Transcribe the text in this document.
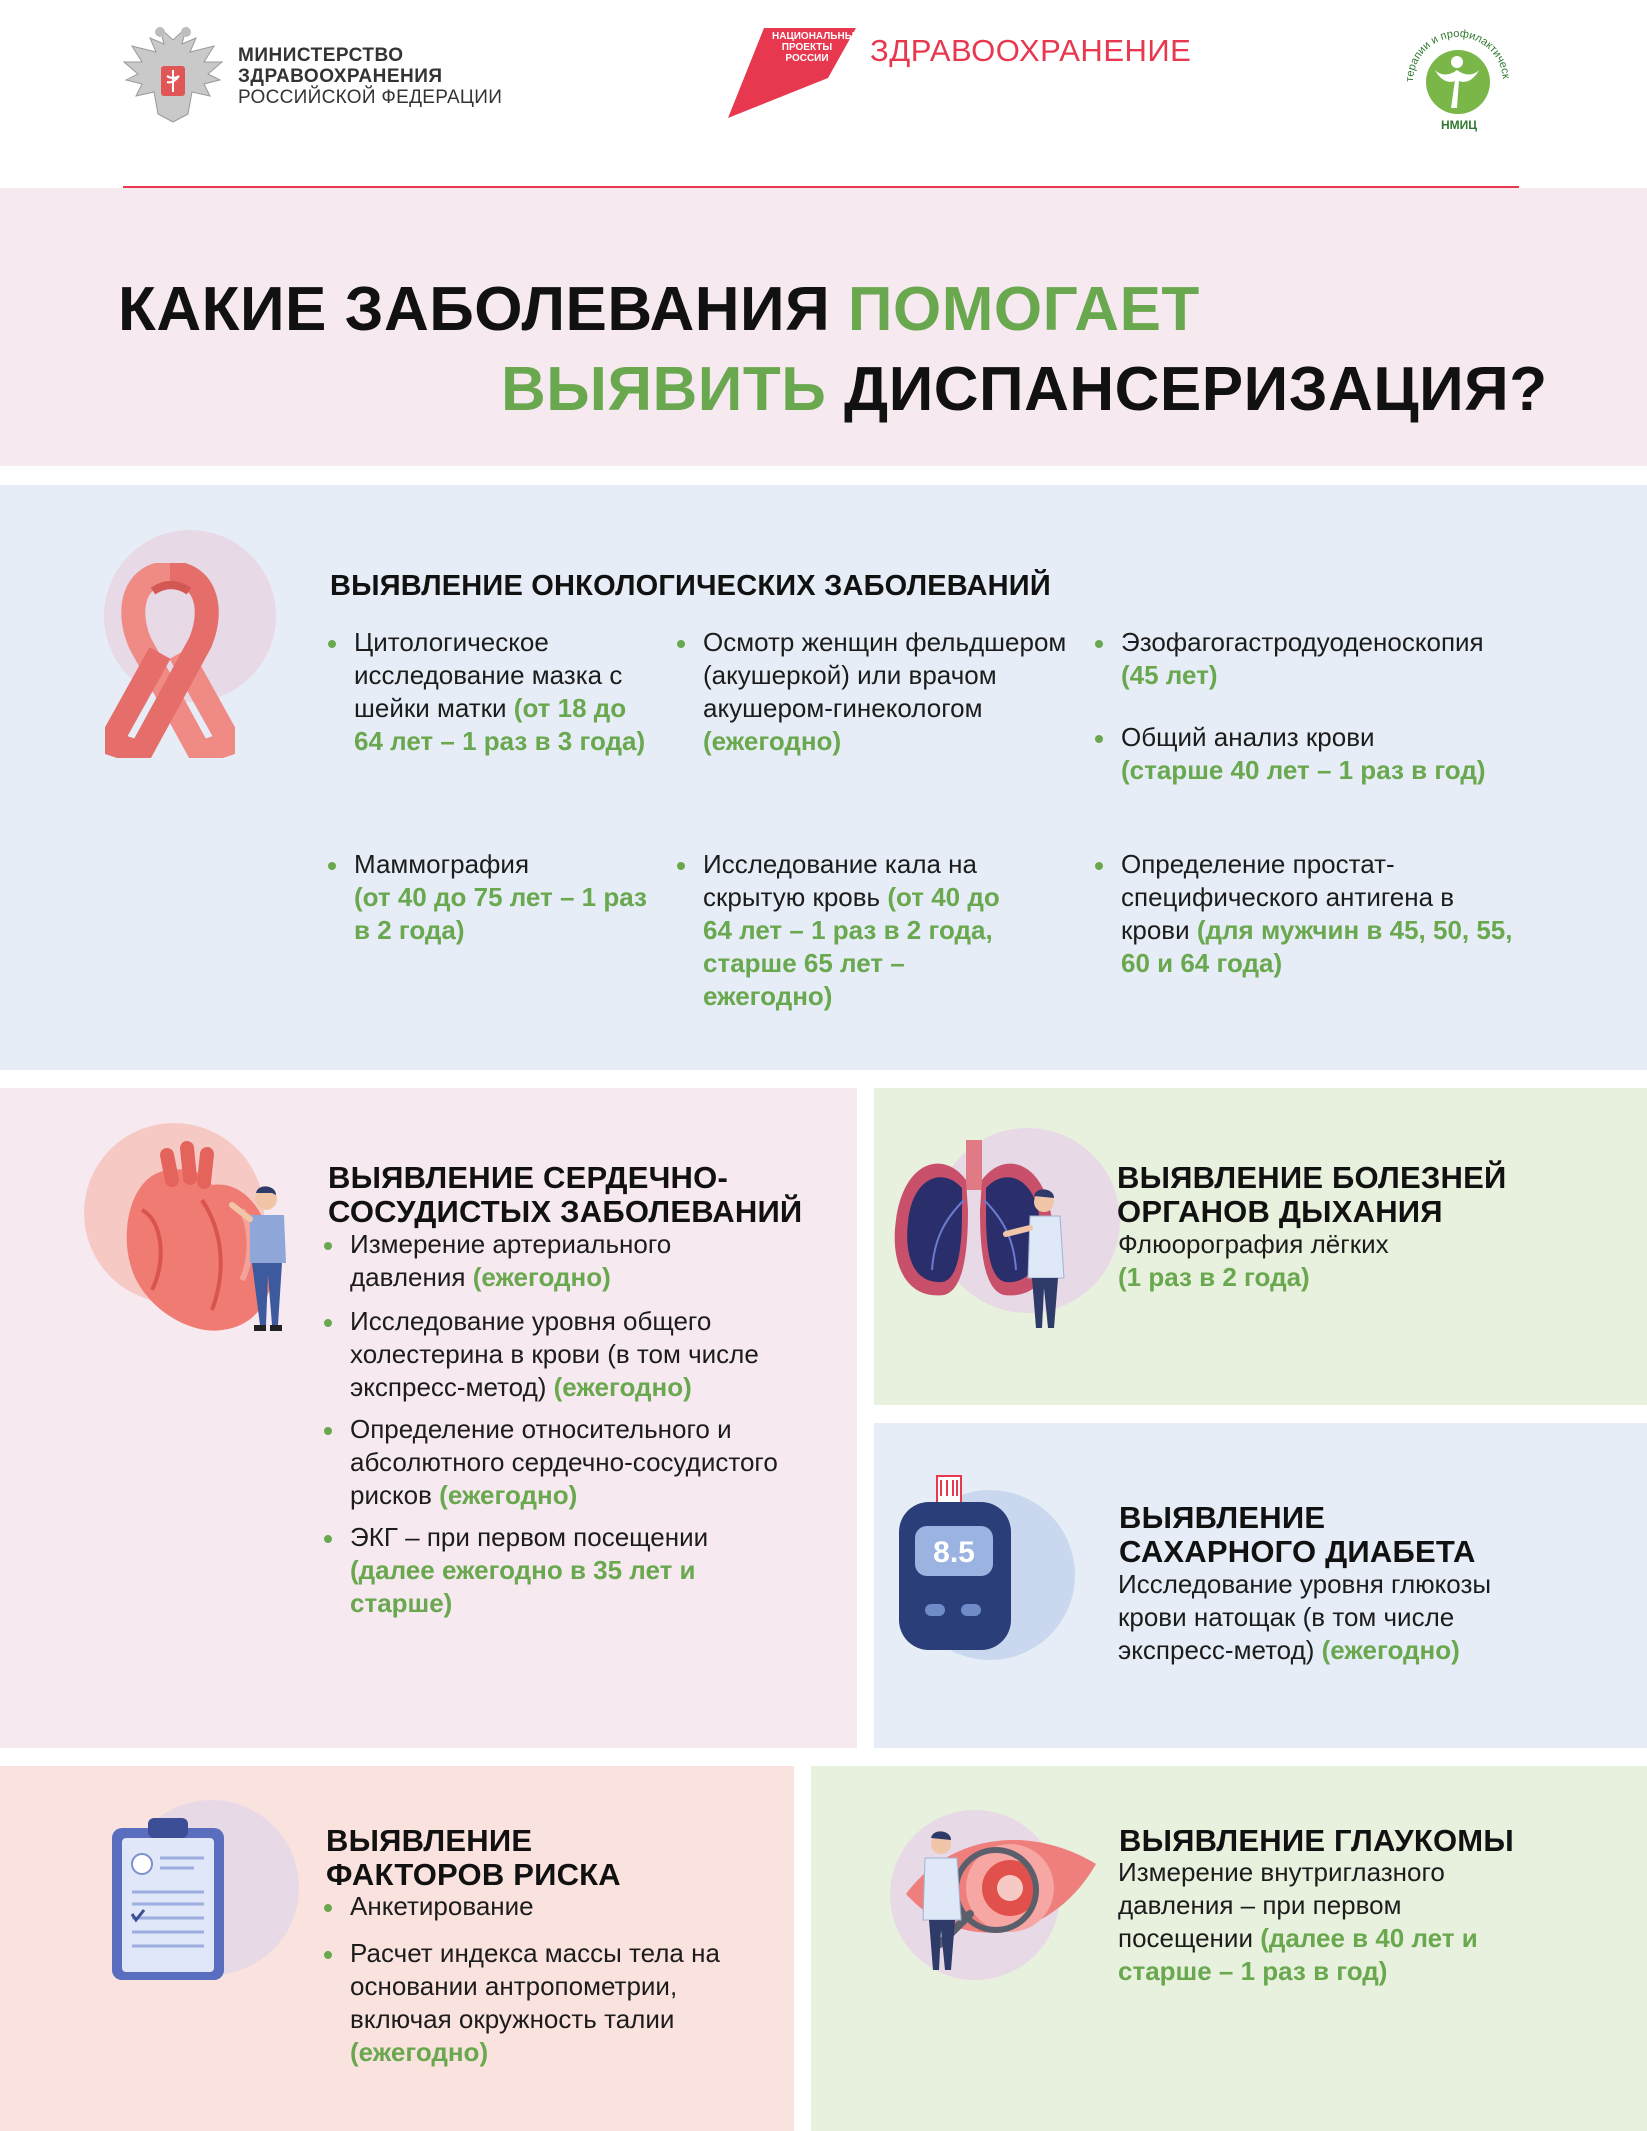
МИНИСТЕРСТВО
ЗДРАВООХРАНЕНИЯ
РОССИЙСКОЙ ФЕДЕРАЦИИ
НАЦИОНАЛЬНЫЕ
ПРОЕКТЫ
РОССИИ	ЗДРАВООХРАНЕНИЕ
терапии и профилактическ
НМИЦ
КАКИЕ ЗАБОЛЕВАНИЯ ПОМОГАЕТ
ВЫЯВИТЬ ДИСПАНСЕРИЗАЦИЯ?
ВЫЯВЛЕНИЕ ОНКОЛОГИЧЕСКИХ ЗАБОЛЕВАНИЙ
Цитологическое исследование мазка с шейки матки (от 18 до 64 лет – 1 раз в 3 года)
Осмотр женщин фельдшером (акушеркой) или врачом акушером-гинекологом (ежегодно)
Эзофагогастродуоденоскопия
(45 лет)
Общий анализ крови
(старше 40 лет – 1 раз в год)
Маммография
(от 40 до 75 лет – 1 раз в 2 года)
Исследование кала на скрытую кровь (от 40 до 64 лет – 1 раз в 2 года, старше 65 лет – ежегодно)
Определение простат-специфического антигена в крови (для мужчин в 45, 50, 55, 60 и 64 года)
ВЫЯВЛЕНИЕ СЕРДЕЧНО-
СОСУДИСТЫХ ЗАБОЛЕВАНИЙ
Измерение артериального давления (ежегодно)
Исследование уровня общего холестерина в крови (в том числе экспресс-метод) (ежегодно)
Определение относительного и абсолютного сердечно-сосудистого рисков (ежегодно)
ЭКГ – при первом посещении
(далее ежегодно в 35 лет и старше)
ВЫЯВЛЕНИЕ БОЛЕЗНЕЙ
ОРГАНОВ ДЫХАНИЯ
Флюорография лёгких
(1 раз в 2 года)
8.5
ВЫЯВЛЕНИЕ
САХАРНОГО ДИАБЕТА
Исследование уровня глюкозы крови натощак (в том числе экспресс-метод) (ежегодно)
ВЫЯВЛЕНИЕ
ФАКТОРОВ РИСКА
Анкетирование
Расчет индекса массы тела на основании антропометрии, включая окружность талии
(ежегодно)
ВЫЯВЛЕНИЕ ГЛАУКОМЫ
Измерение внутриглазного давления – при первом посещении (далее в 40 лет и старше – 1 раз в год)
